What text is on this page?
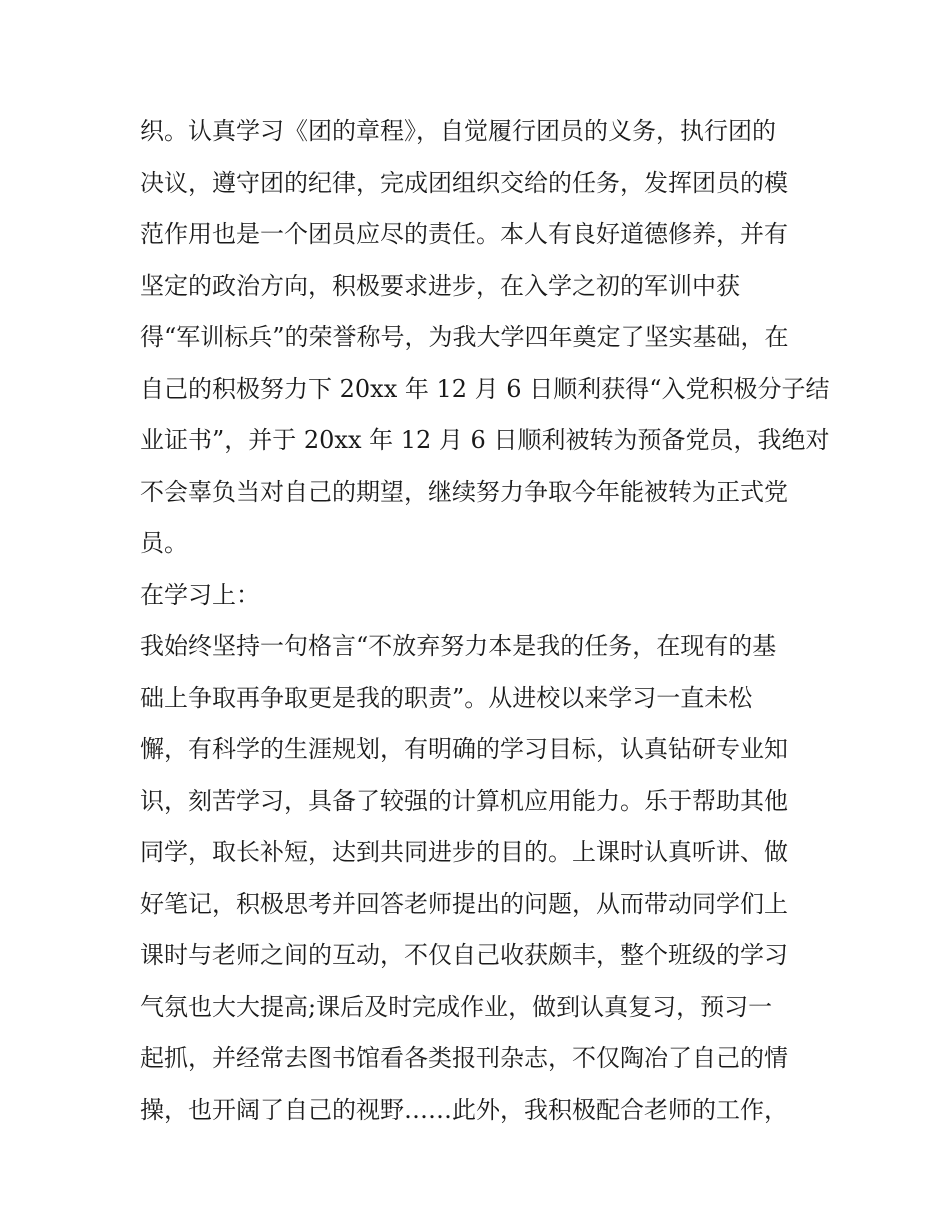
织。认真学习《团的章程》，自觉履行团员的义务，执行团的
决议，遵守团的纪律，完成团组织交给的任务，发挥团员的模
范作用也是一个团员应尽的责任。本人有良好道德修养，并有
坚定的政治方向，积极要求进步，在入学之初的军训中获
得“军训标兵”的荣誉称号，为我大学四年奠定了坚实基础，在
自己的积极努力下 20xx 年 12 月 6 日顺利获得“入党积极分子结
业证书”，并于 20xx 年 12 月 6 日顺利被转为预备党员，我绝对
不会辜负当对自己的期望，继续努力争取今年能被转为正式党
员。
在学习上：
我始终坚持一句格言“不放弃努力本是我的任务，在现有的基
础上争取再争取更是我的职责”。从进校以来学习一直未松
懈，有科学的生涯规划，有明确的学习目标，认真钻研专业知
识，刻苦学习，具备了较强的计算机应用能力。乐于帮助其他
同学，取长补短，达到共同进步的目的。上课时认真听讲、做
好笔记，积极思考并回答老师提出的问题，从而带动同学们上
课时与老师之间的互动，不仅自己收获颇丰，整个班级的学习
气氛也大大提高;课后及时完成作业，做到认真复习，预习一
起抓，并经常去图书馆看各类报刊杂志，不仅陶冶了自己的情
操，也开阔了自己的视野……此外，我积极配合老师的工作，
